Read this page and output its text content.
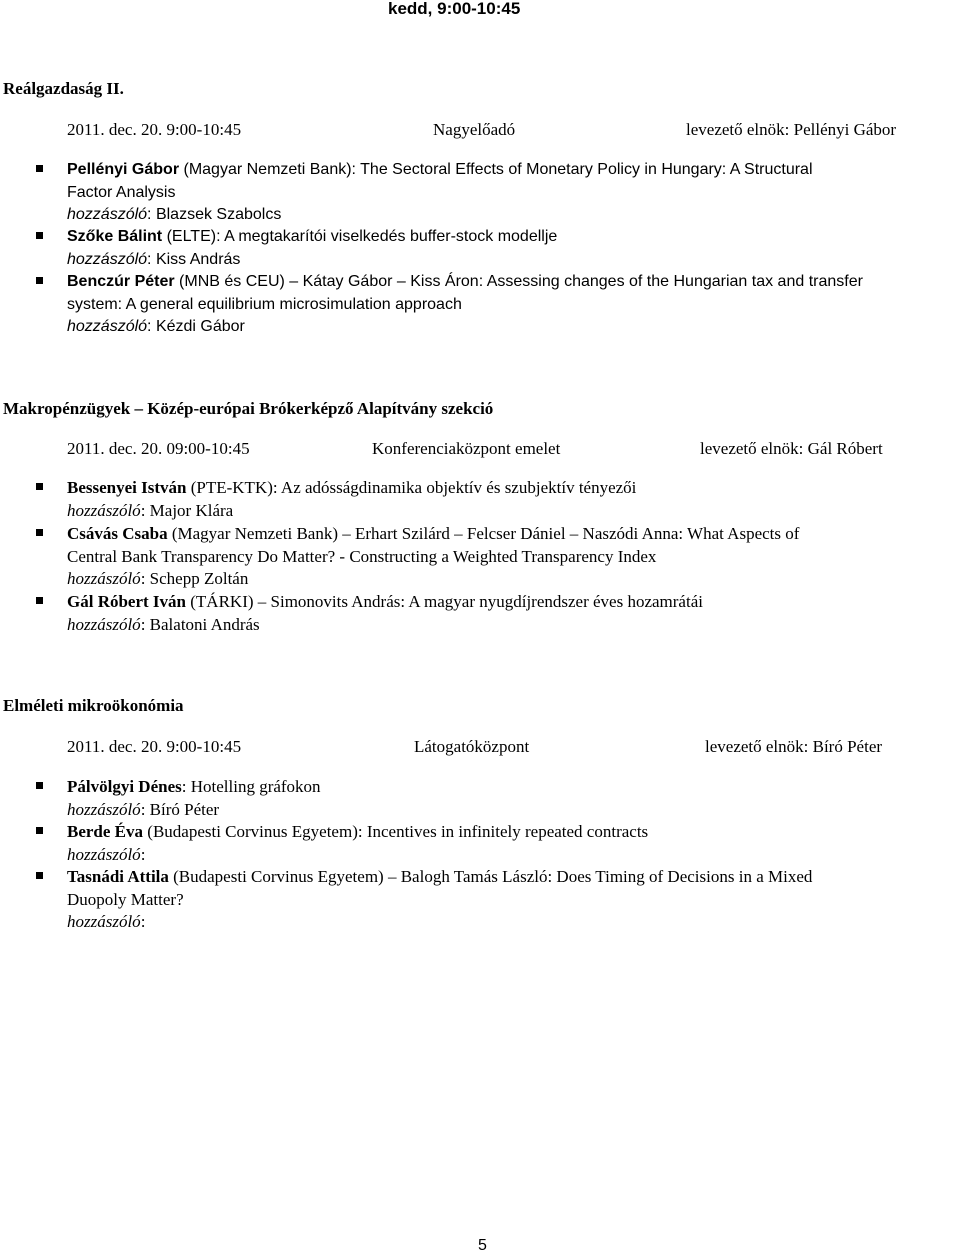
kedd, 9:00-10:45
Reálgazdaság II.
2011. dec. 20. 9:00-10:45	Nagyelőadó	levezető elnök: Pellényi Gábor
Pellényi Gábor (Magyar Nemzeti Bank): The Sectoral Effects of Monetary Policy in Hungary: A Structural
Factor Analysis
hozzászóló: Blazsek Szabolcs
Szőke Bálint (ELTE): A megtakarítói viselkedés buffer-stock modellje
hozzászóló: Kiss András
Benczúr Péter (MNB és CEU) – Kátay Gábor – Kiss Áron: Assessing changes of the Hungarian tax and transfer
system: A general equilibrium microsimulation approach
hozzászóló: Kézdi Gábor
Makropénzügyek – Közép-európai Brókerképző Alapítvány szekció
2011. dec. 20. 09:00-10:45	Konferenciaközpont emelet	levezető elnök: Gál Róbert
Bessenyei István (PTE-KTK): Az adósságdinamika objektív és szubjektív tényezői
hozzászóló: Major Klára
Csávás Csaba (Magyar Nemzeti Bank) – Erhart Szilárd – Felcser Dániel – Naszódi Anna: What Aspects of
Central Bank Transparency Do Matter? - Constructing a Weighted Transparency Index
hozzászóló: Schepp Zoltán
Gál Róbert Iván (TÁRKI) – Simonovits András: A magyar nyugdíjrendszer éves hozamrátái
hozzászóló: Balatoni András
Elméleti mikroökonómia
2011. dec. 20. 9:00-10:45	Látogatóközpont	levezető elnök: Bíró Péter
Pálvölgyi Dénes: Hotelling gráfokon
hozzászóló: Bíró Péter
Berde Éva (Budapesti Corvinus Egyetem): Incentives in infinitely repeated contracts
hozzászóló:
Tasnádi Attila (Budapesti Corvinus Egyetem) – Balogh Tamás László: Does Timing of Decisions in a Mixed
Duopoly Matter?
hozzászóló:
5
